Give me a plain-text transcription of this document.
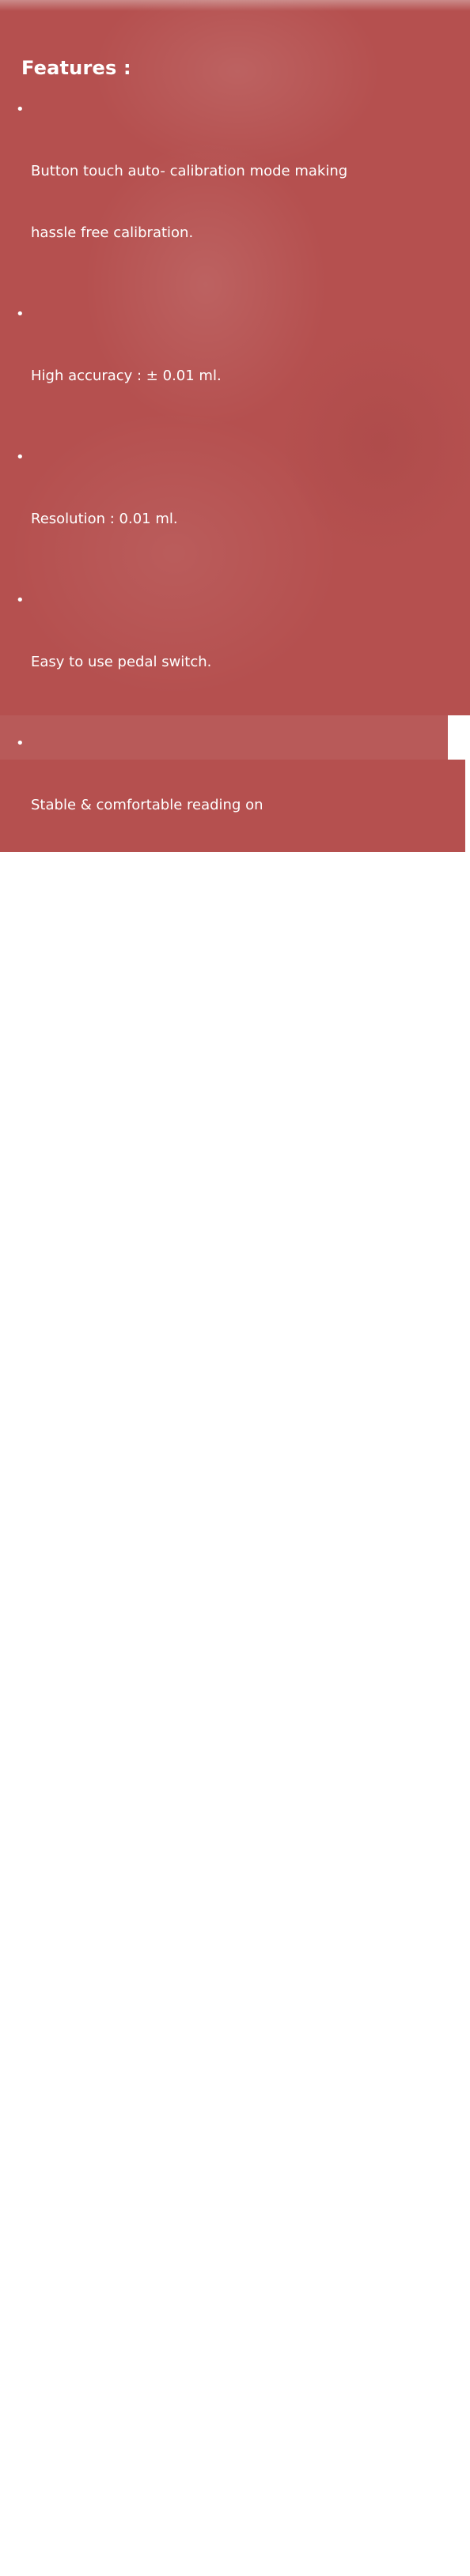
Features :

•

Button touch auto- calibration mode making

hassle free calibration.

•

High accuracy : ± 0.01 ml.

•

Resolution : 0.01 ml.

•

Easy to use pedal switch.

•

Stable & comfortable reading on

graphical LCD display.

•

No need of separate tube

assembly for rat & mice.

•

Data entry for: Experiment

Nos./ Sequence Nos./Sex of Animal

/ Paw : Left - Right etc.

•

Data storage for 100000 experiments.

•

Six Point Calibration 0.50ml, 1.00ml, 2.00ml,

3.00ml,4.00ml & 5.00ml.

•

Software for PC Connectivity using

RS232 serial interface for data transfer and

report generation with graphical presentation.

•

Provision to add experiment name, comment

& animal weight(grams) in the software report.

•

Data can be transferred to excel or pdf.

•

Software with password protected experiment

delete function.
